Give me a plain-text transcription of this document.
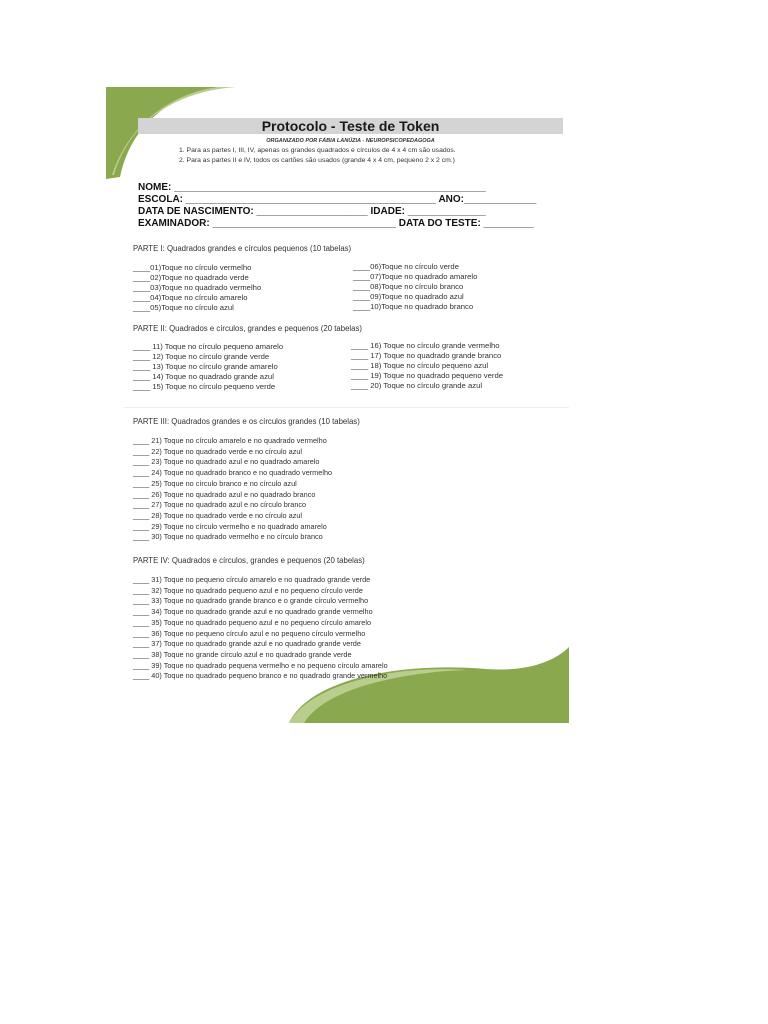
Protocolo - Teste de Token
ORGANIZADO POR FÁBIA LANÚZIA - NEUROPSICOPEDAGOGA
1. Para as partes I, III, IV, apenas os grandes quadrados e círculos de 4 x 4 cm são usados.
2. Para as partes II e IV, todos os cartões são usados (grande 4 x 4 cm, pequeno 2 x 2 cm.)
NOME: ________________________________________________________
ESCOLA: _____________________________________________ ANO:_____________
DATA DE NASCIMENTO: ____________________ IDADE: ______________
EXAMINADOR: _________________________________ DATA DO TESTE: _________
PARTE I: Quadrados grandes e círculos pequenos (10 tabelas)
____01)Toque no círculo vermelho
____02)Toque no quadrado verde
____03)Toque no quadrado vermelho
____04)Toque no círculo amarelo
____05)Toque no círculo azul
____06)Toque no círculo verde
____07)Toque no quadrado amarelo
____08)Toque no círculo branco
____09)Toque no quadrado azul
____10)Toque no quadrado branco
PARTE II: Quadrados e círculos, grandes e pequenos (20 tabelas)
____ 11) Toque no círculo pequeno amarelo
____ 12) Toque no círculo grande verde
____ 13) Toque no círculo grande amarelo
____ 14) Toque no quadrado grande azul
____ 15) Toque no círculo pequeno verde
____ 16) Toque no círculo grande vermelho
____ 17) Toque no quadrado grande branco
____ 18) Toque no círculo pequeno azul
____ 19) Toque no quadrado pequeno verde
____ 20) Toque no círculo grande azul
PARTE III: Quadrados grandes e os círculos grandes (10 tabelas)
____ 21) Toque no círculo amarelo e no quadrado vermelho
____ 22) Toque no quadrado verde e no círculo azul
____ 23) Toque no quadrado azul e no quadrado amarelo
____ 24) Toque no quadrado branco e no quadrado vermelho
____ 25) Toque no círculo branco e no círculo azul
____ 26) Toque no quadrado azul e no quadrado branco
____ 27) Toque no quadrado azul e no círculo branco
____ 28) Toque no quadrado verde e no círculo azul
____ 29) Toque no círculo vermelho e no quadrado amarelo
____ 30) Toque no quadrado vermelho e no círculo branco
PARTE IV: Quadrados e círculos, grandes e pequenos (20 tabelas)
____ 31) Toque no pequeno círculo amarelo e no quadrado grande verde
____ 32) Toque no quadrado pequeno azul e no pequeno círculo verde
____ 33) Toque no quadrado grande branco e o grande círculo vermelho
____ 34) Toque no quadrado grande azul e no quadrado grande vermelho
____ 35) Toque no quadrado pequeno azul e no pequeno círculo amarelo
____ 36) Toque no pequeno círculo azul e no pequeno círculo vermelho
____ 37) Toque no quadrado grande azul e no quadrado grande verde
____ 38) Toque no grande círculo azul e no quadrado grande verde
____ 39) Toque no quadrado pequena vermelho e no pequeno círculo amarelo
____ 40) Toque no quadrado pequeno branco e no quadrado grande vermelho
